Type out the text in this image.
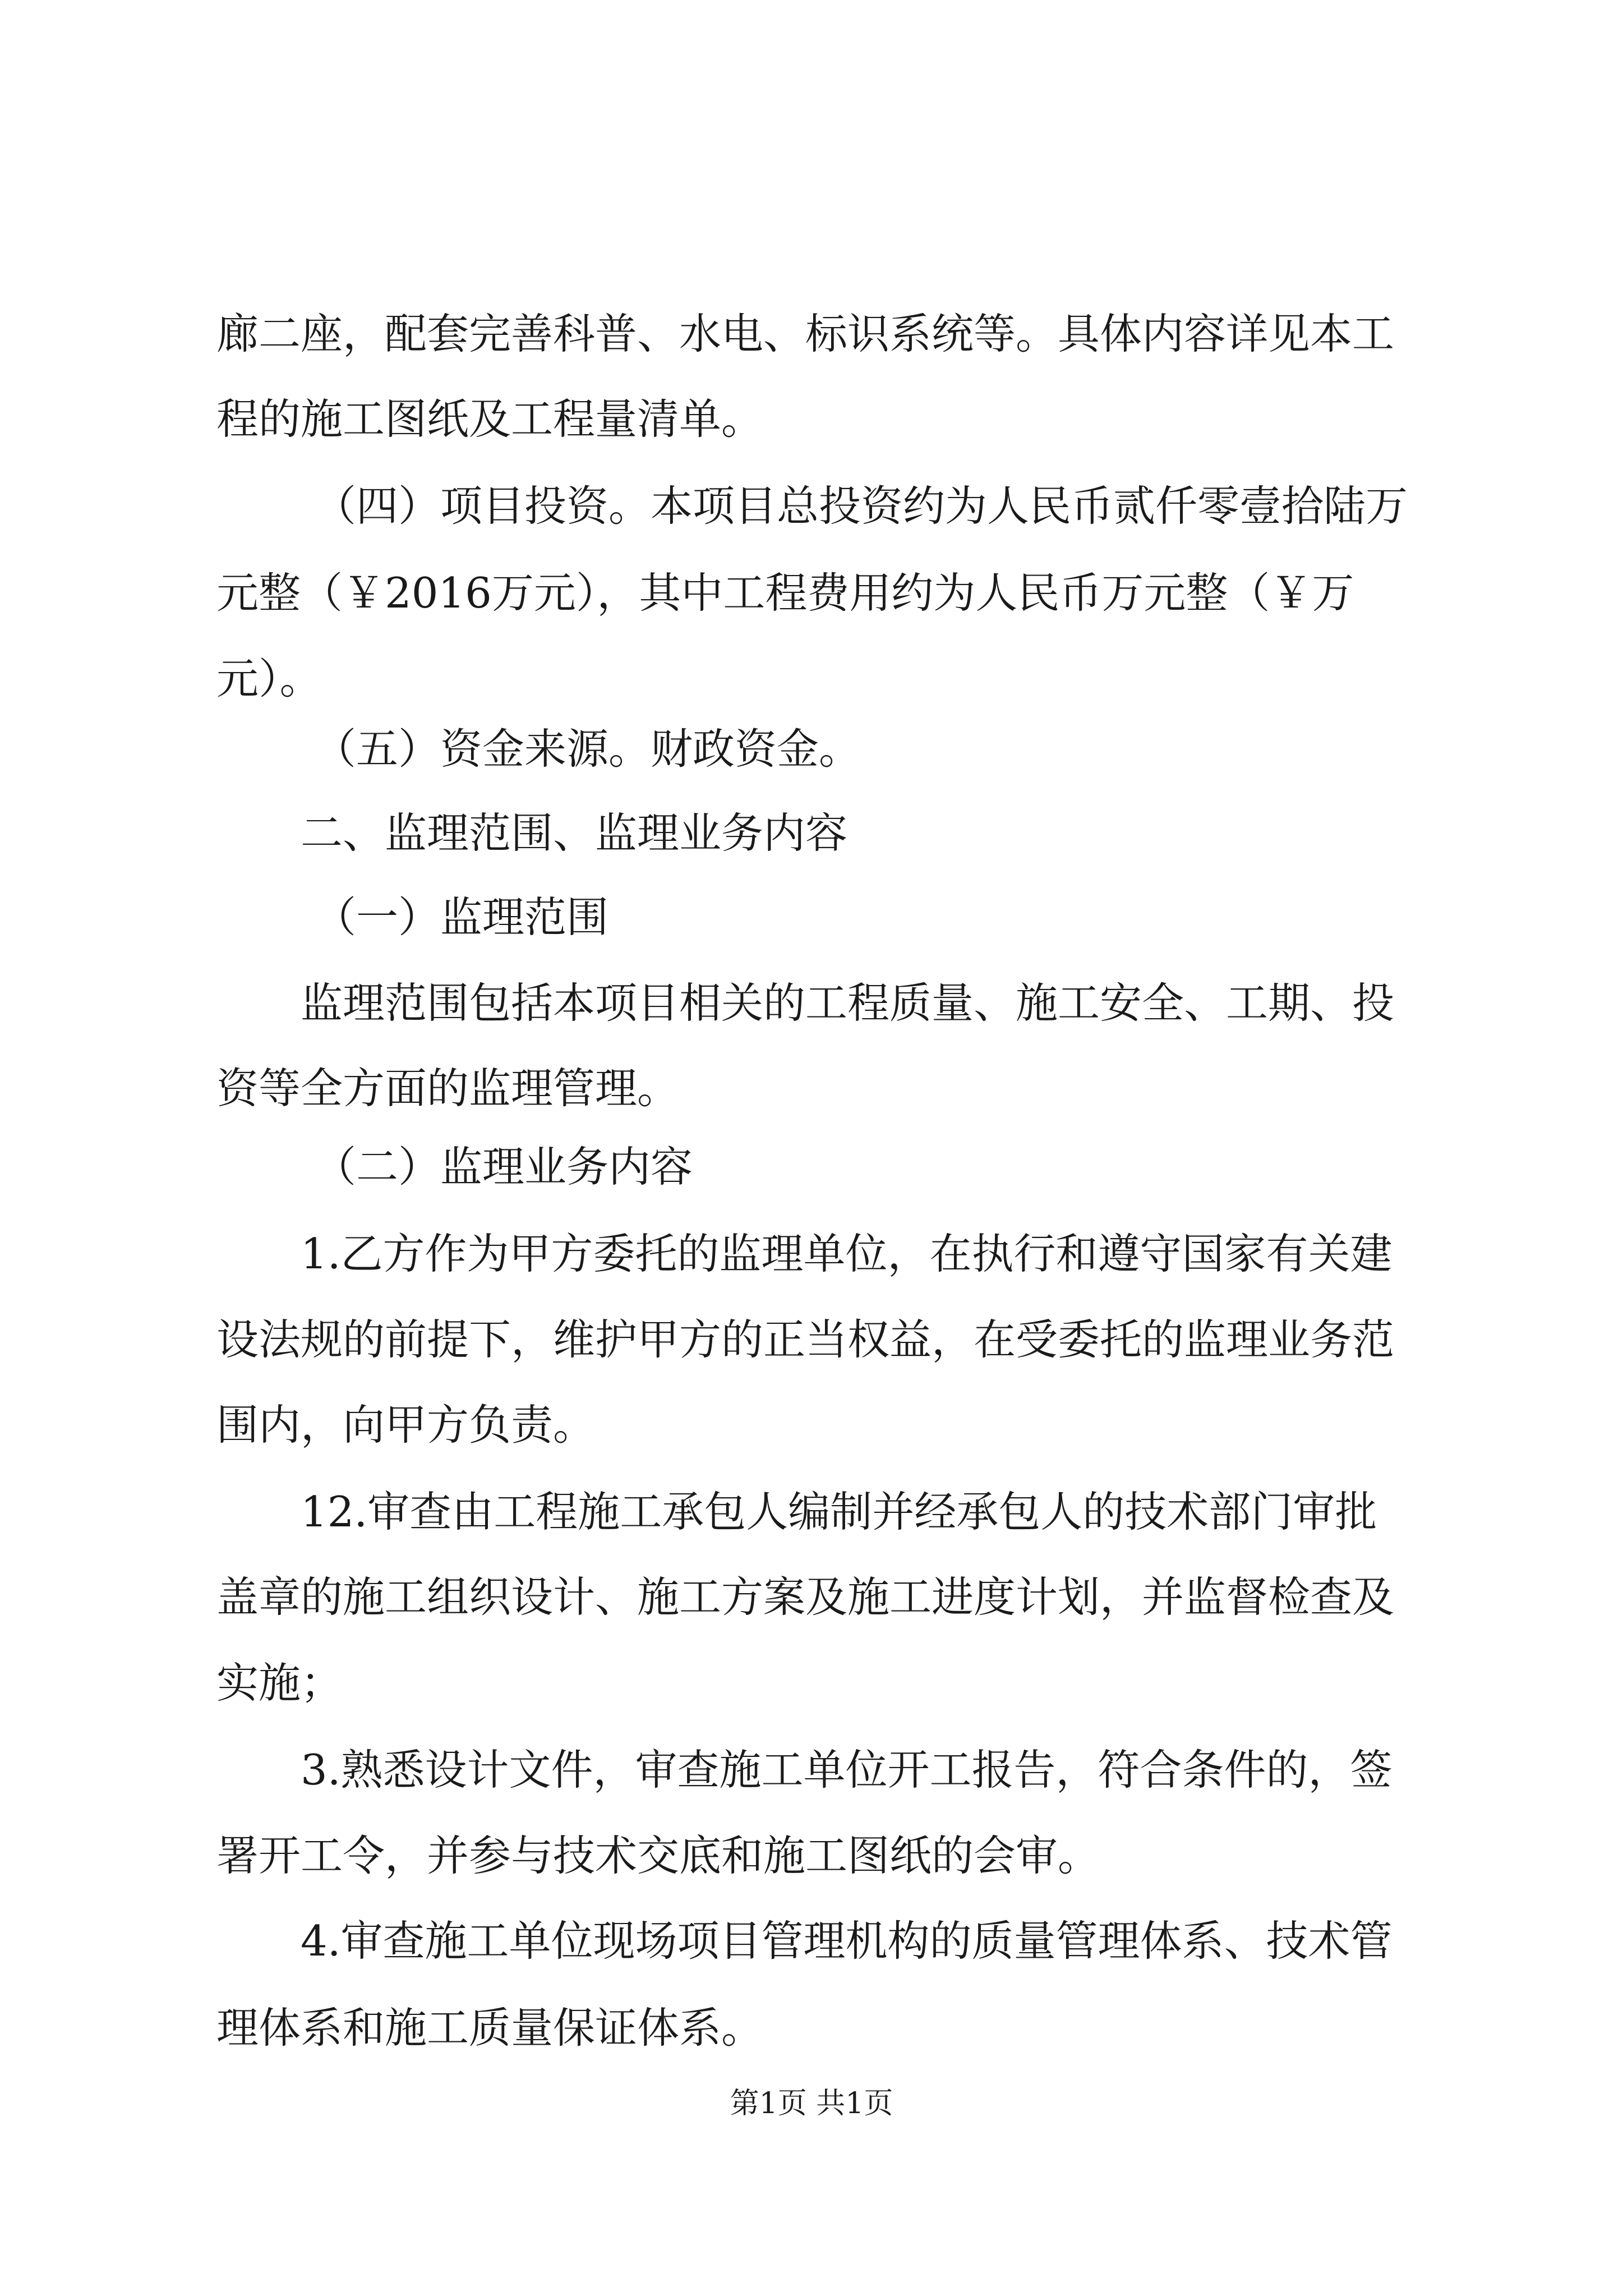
廊二座，配套完善科普、水电、标识系统等。具体内容详见本工

程的施工图纸及工程量清单。

（四）项目投资。本项目总投资约为人民币贰仟零壹拾陆万

元整（￥2016万元），其中工程费用约为人民币万元整（￥万

元）。

（五）资金来源。财政资金。

二、监理范围、监理业务内容

（一）监理范围

监理范围包括本项目相关的工程质量、施工安全、工期、投

资等全方面的监理管理。

（二）监理业务内容

1.乙方作为甲方委托的监理单位，在执行和遵守国家有关建

设法规的前提下，维护甲方的正当权益，在受委托的监理业务范

围内，向甲方负责。

12.审查由工程施工承包人编制并经承包人的技术部门审批

盖章的施工组织设计、施工方案及施工进度计划，并监督检查及

实施；

3.熟悉设计文件，审查施工单位开工报告，符合条件的，签

署开工令，并参与技术交底和施工图纸的会审。

4.审查施工单位现场项目管理机构的质量管理体系、技术管

理体系和施工质量保证体系。

第1页 共1页
